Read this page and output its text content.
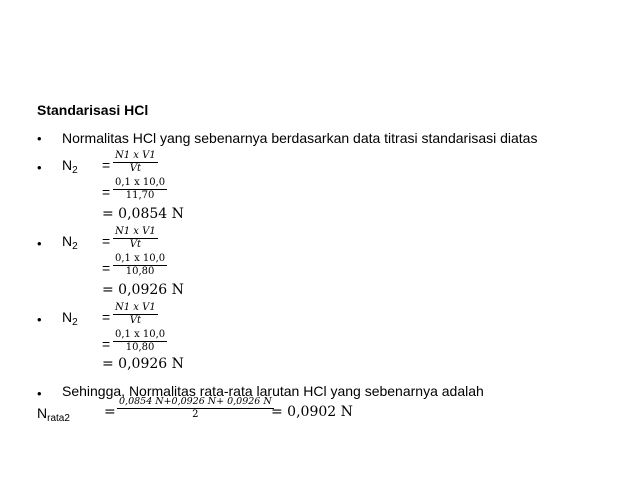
Standarisasi HCl
• Normalitas HCl yang sebenarnya berdasarkan data titrasi standarisasi diatas
• $N_2 = \frac{\text{N1 x V1}}{Vt}$
= $\frac{0,1 x 10,0}{11,70}$
= 0,0854 N
• $N_2 = \frac{\text{N1 x V1}}{Vt}$
= $\frac{0,1 x 10,0}{10,80}$
= 0,0926 N
• $N_2 = \frac{\text{N1 x V1}}{Vt}$
= $\frac{0,1 x 10,0}{10,80}$
= 0,0926 N
• Sehingga, Normalitas rata-rata larutan HCl yang sebenarnya adalah
$N_{rata2} = \frac{0,0854 N+0,0926 N+ 0,0926 N}{2}$
= 0,0902 N
